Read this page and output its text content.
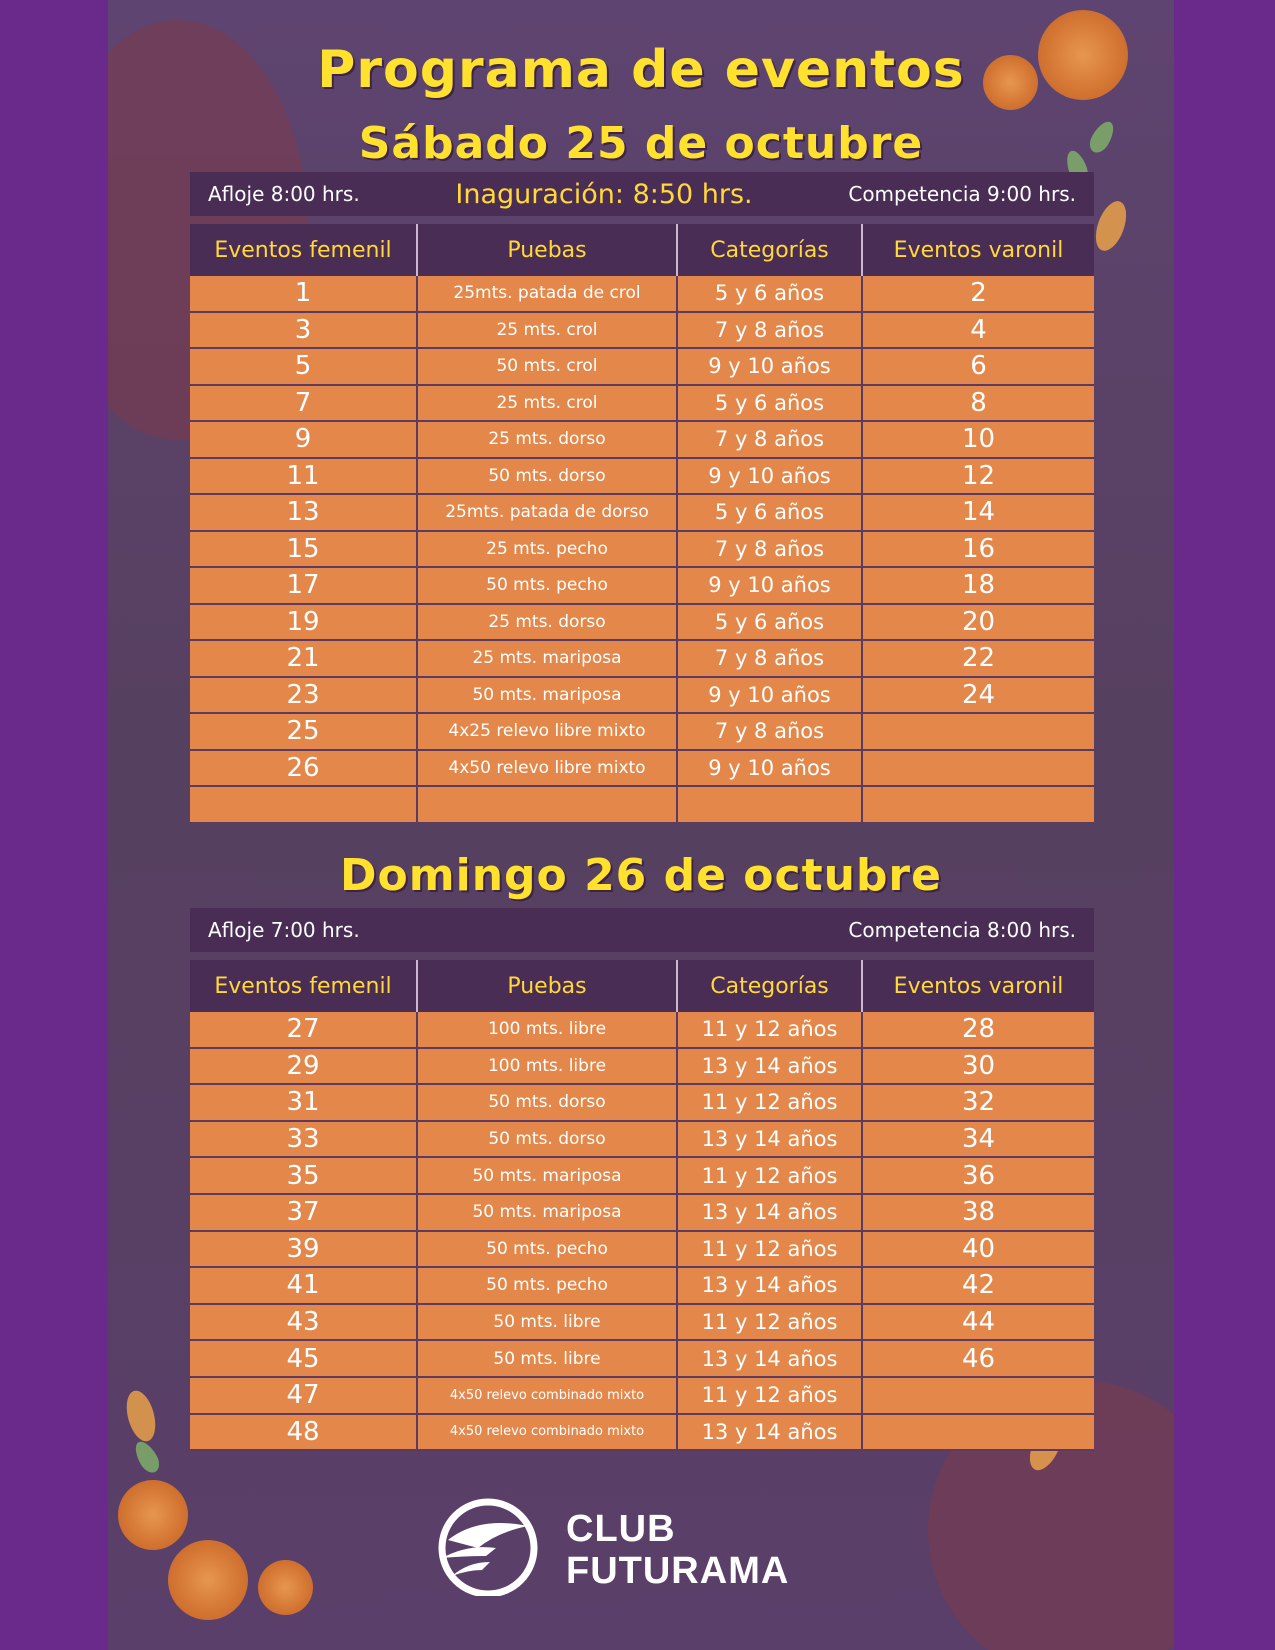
Programa de eventos
Sábado 25 de octubre
Afloje 8:00 hrs.	Inaguración: 8:50 hrs.	Competencia 9:00 hrs.
Eventos femenil	Puebas	Categorías	Eventos varonil
1	25mts. patada de crol	5 y 6 años	2
3	25 mts. crol	7 y 8 años	4
5	50 mts. crol	9 y 10 años	6
7	25 mts. crol	5 y 6 años	8
9	25 mts. dorso	7 y 8 años	10
11	50 mts. dorso	9 y 10 años	12
13	25mts. patada de dorso	5 y 6 años	14
15	25 mts. pecho	7 y 8 años	16
17	50 mts. pecho	9 y 10 años	18
19	25 mts. dorso	5 y 6 años	20
21	25 mts. mariposa	7 y 8 años	22
23	50 mts. mariposa	9 y 10 años	24
25	4x25 relevo libre mixto	7 y 8 años	
26	4x50 relevo libre mixto	9 y 10 años	

Domingo 26 de octubre
Afloje 7:00 hrs.	Competencia 8:00 hrs.
Eventos femenil	Puebas	Categorías	Eventos varonil
27	100 mts. libre	11 y 12 años	28
29	100 mts. libre	13 y 14 años	30
31	50 mts. dorso	11 y 12 años	32
33	50 mts. dorso	13 y 14 años	34
35	50 mts. mariposa	11 y 12 años	36
37	50 mts. mariposa	13 y 14 años	38
39	50 mts. pecho	11 y 12 años	40
41	50 mts. pecho	13 y 14 años	42
43	50 mts. libre	11 y 12 años	44
45	50 mts. libre	13 y 14 años	46
47	4x50 relevo combinado mixto	11 y 12 años	
48	4x50 relevo combinado mixto	13 y 14 años	
CLUB
FUTURAMA
